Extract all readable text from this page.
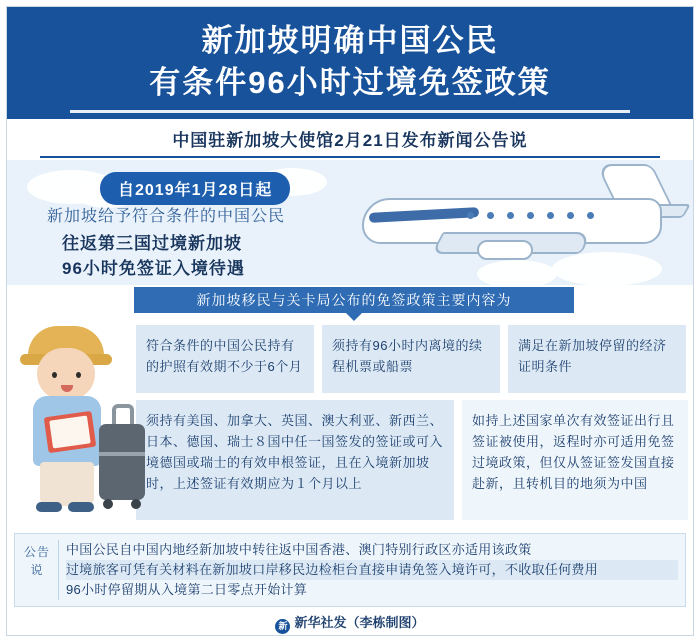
新加坡明确中国公民
有条件96小时过境免签政策
中国驻新加坡大使馆2月21日发布新闻公告说
自2019年1月28日起
新加坡给予符合条件的中国公民
往返第三国过境新加坡
96小时免签证入境待遇
新加坡移民与关卡局公布的免签政策主要内容为
符合条件的中国公民持有的护照有效期不少于6个月
须持有96小时内离境的续程机票或船票
满足在新加坡停留的经济证明条件
须持有美国、加拿大、英国、澳大利亚、新西兰、日本、德国、瑞士８国中任一国签发的签证或可入境德国或瑞士的有效申根签证，且在入境新加坡时，上述签证有效期应为１个月以上
如持上述国家单次有效签证出行且签证被使用，返程时亦可适用免签过境政策，但仅从签证签发国直接赴新，且转机目的地须为中国
公告说
中国公民自中国内地经新加坡中转往返中国香港、澳门特别行政区亦适用该政策
过境旅客可凭有关材料在新加坡口岸移民边检柜台直接申请免签入境许可，不收取任何费用
96小时停留期从入境第二日零点开始计算
新 新华社发（李栋制图）
